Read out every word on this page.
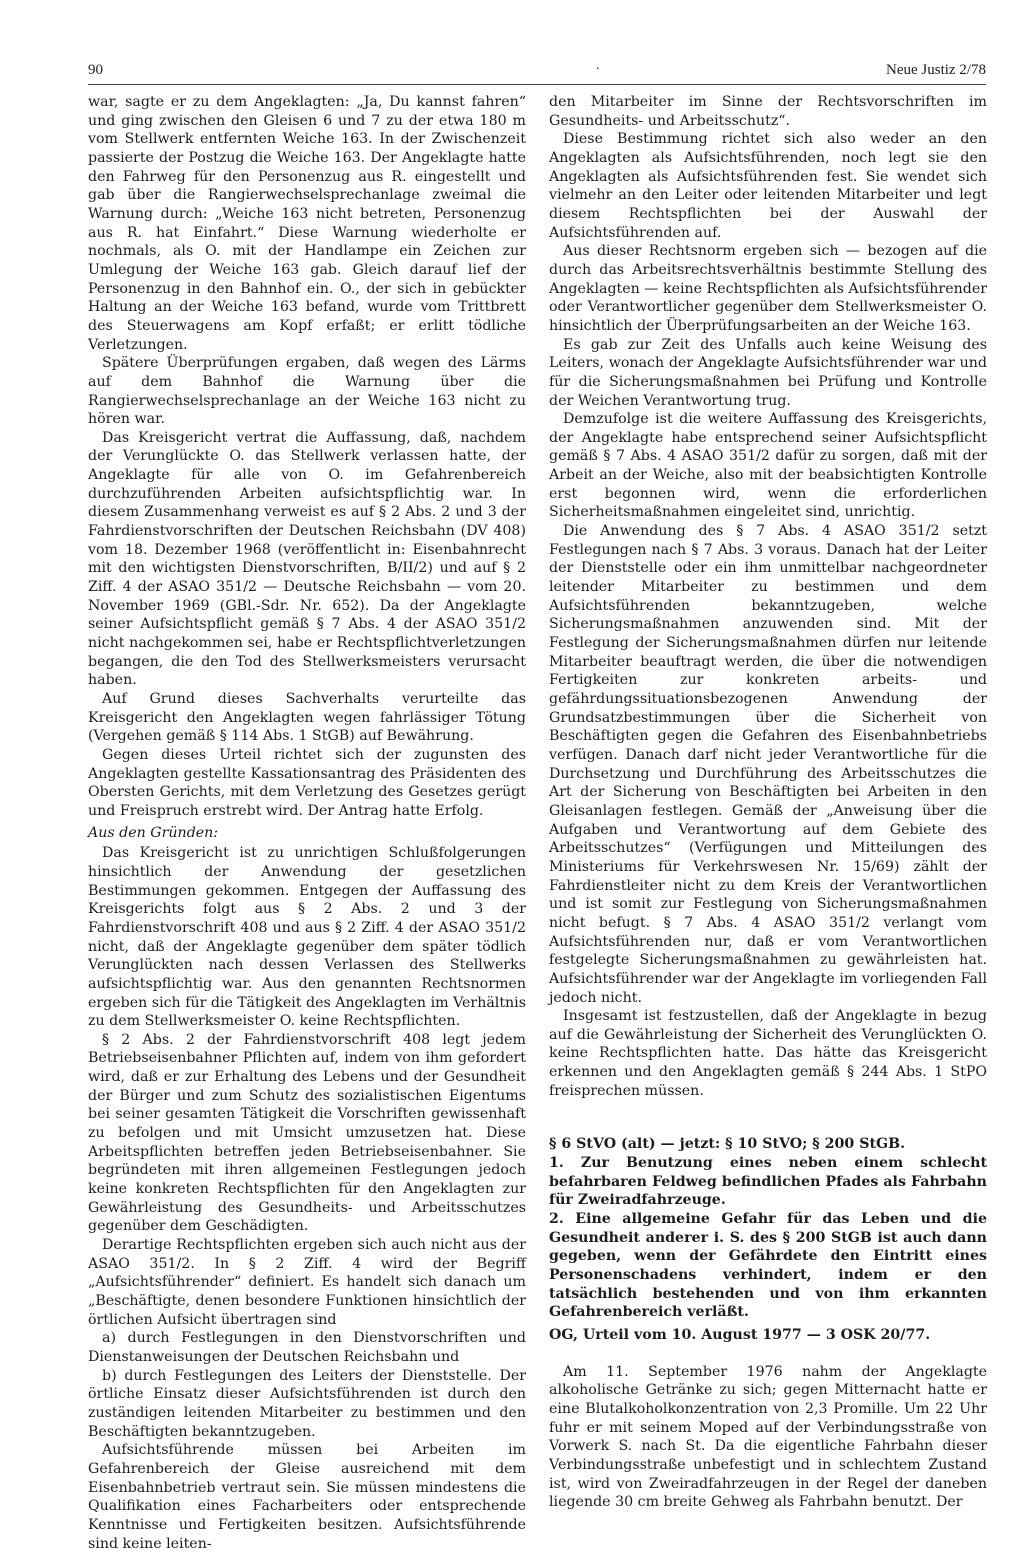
90	.	Neue Justiz 2/78

war, sagte er zu dem Angeklagten: „Ja, Du kannst fahren“ und ging zwischen den Gleisen 6 und 7 zu der etwa 180 m vom Stellwerk entfernten Weiche 163. In der Zwischenzeit passierte der Postzug die Weiche 163. Der Angeklagte hatte den Fahrweg für den Personenzug aus R. eingestellt und gab über die Rangierwechselsprechanlage zweimal die Warnung durch: „Weiche 163 nicht betreten, Personenzug aus R. hat Einfahrt.“ Diese Warnung wiederholte er nochmals, als O. mit der Handlampe ein Zeichen zur Umlegung der Weiche 163 gab. Gleich darauf lief der Personenzug in den Bahnhof ein. O., der sich in gebückter Haltung an der Weiche 163 befand, wurde vom Trittbrett des Steuerwagens am Kopf erfaßt; er erlitt tödliche Verletzungen.

Spätere Überprüfungen ergaben, daß wegen des Lärms auf dem Bahnhof die Warnung über die Rangierwechselsprechanlage an der Weiche 163 nicht zu hören war.

Das Kreisgericht vertrat die Auffassung, daß, nachdem der Verunglückte O. das Stellwerk verlassen hatte, der Angeklagte für alle von O. im Gefahrenbereich durchzuführenden Arbeiten aufsichtspflichtig war. In diesem Zusammenhang verweist es auf § 2 Abs. 2 und 3 der Fahrdienstvorschriften der Deutschen Reichsbahn (DV 408) vom 18. Dezember 1968 (veröffentlicht in: Eisenbahnrecht mit den wichtigsten Dienstvorschriften, B/II/2) und auf § 2 Ziff. 4 der ASAO 351/2 — Deutsche Reichsbahn — vom 20. November 1969 (GBl.-Sdr. Nr. 652). Da der Angeklagte seiner Aufsichtspflicht gemäß § 7 Abs. 4 der ASAO 351/2 nicht nachgekommen sei, habe er Rechtspflichtverletzungen begangen, die den Tod des Stellwerksmeisters verursacht haben.

Auf Grund dieses Sachverhalts verurteilte das Kreisgericht den Angeklagten wegen fahrlässiger Tötung (Vergehen gemäß § 114 Abs. 1 StGB) auf Bewährung.

Gegen dieses Urteil richtet sich der zugunsten des Angeklagten gestellte Kassationsantrag des Präsidenten des Obersten Gerichts, mit dem Verletzung des Gesetzes gerügt und Freispruch erstrebt wird. Der Antrag hatte Erfolg.

Aus den Gründen:

Das Kreisgericht ist zu unrichtigen Schlußfolgerungen hinsichtlich der Anwendung der gesetzlichen Bestimmungen gekommen. Entgegen der Auffassung des Kreisgerichts folgt aus § 2 Abs. 2 und 3 der Fahrdienstvorschrift 408 und aus § 2 Ziff. 4 der ASAO 351/2 nicht, daß der Angeklagte gegenüber dem später tödlich Verunglückten nach dessen Verlassen des Stellwerks aufsichtspflichtig war. Aus den genannten Rechtsnormen ergeben sich für die Tätigkeit des Angeklagten im Verhältnis zu dem Stellwerksmeister O. keine Rechtspflichten.

§ 2 Abs. 2 der Fahrdienstvorschrift 408 legt jedem Betriebseisenbahner Pflichten auf, indem von ihm gefordert wird, daß er zur Erhaltung des Lebens und der Gesundheit der Bürger und zum Schutz des sozialistischen Eigentums bei seiner gesamten Tätigkeit die Vorschriften gewissenhaft zu befolgen und mit Umsicht umzusetzen hat. Diese Arbeitspflichten betreffen jeden Betriebseisenbahner. Sie begründeten mit ihren allgemeinen Festlegungen jedoch keine konkreten Rechtspflichten für den Angeklagten zur Gewährleistung des Gesundheits- und Arbeitsschutzes gegenüber dem Geschädigten.

Derartige Rechtspflichten ergeben sich auch nicht aus der ASAO 351/2. In § 2 Ziff. 4 wird der Begriff „Aufsichtsführender“ definiert. Es handelt sich danach um „Beschäftigte, denen besondere Funktionen hinsichtlich der örtlichen Aufsicht übertragen sind

a) durch Festlegungen in den Dienstvorschriften und Dienstanweisungen der Deutschen Reichsbahn und

b) durch Festlegungen des Leiters der Dienststelle. Der örtliche Einsatz dieser Aufsichtsführenden ist durch den zuständigen leitenden Mitarbeiter zu bestimmen und den Beschäftigten bekanntzugeben.

Aufsichtsführende müssen bei Arbeiten im Gefahrenbereich der Gleise ausreichend mit dem Eisenbahnbetrieb vertraut sein. Sie müssen mindestens die Qualifikation eines Facharbeiters oder entsprechende Kenntnisse und Fertigkeiten besitzen. Aufsichtsführende sind keine leiten-

den Mitarbeiter im Sinne der Rechtsvorschriften im Gesundheits- und Arbeitsschutz“.

Diese Bestimmung richtet sich also weder an den Angeklagten als Aufsichtsführenden, noch legt sie den Angeklagten als Aufsichtsführenden fest. Sie wendet sich vielmehr an den Leiter oder leitenden Mitarbeiter und legt diesem Rechtspflichten bei der Auswahl der Aufsichtsführenden auf.

Aus dieser Rechtsnorm ergeben sich — bezogen auf die durch das Arbeitsrechtsverhältnis bestimmte Stellung des Angeklagten — keine Rechtspflichten als Aufsichtsführender oder Verantwortlicher gegenüber dem Stellwerksmeister O. hinsichtlich der Überprüfungsarbeiten an der Weiche 163.

Es gab zur Zeit des Unfalls auch keine Weisung des Leiters, wonach der Angeklagte Aufsichtsführender war und für die Sicherungsmaßnahmen bei Prüfung und Kontrolle der Weichen Verantwortung trug.

Demzufolge ist die weitere Auffassung des Kreisgerichts, der Angeklagte habe entsprechend seiner Aufsichtspflicht gemäß § 7 Abs. 4 ASAO 351/2 dafür zu sorgen, daß mit der Arbeit an der Weiche, also mit der beabsichtigten Kontrolle erst begonnen wird, wenn die erforderlichen Sicherheitsmaßnahmen eingeleitet sind, unrichtig.

Die Anwendung des § 7 Abs. 4 ASAO 351/2 setzt Festlegungen nach § 7 Abs. 3 voraus. Danach hat der Leiter der Dienststelle oder ein ihm unmittelbar nachgeordneter leitender Mitarbeiter zu bestimmen und dem Aufsichtsführenden bekanntzugeben, welche Sicherungsmaßnahmen anzuwenden sind. Mit der Festlegung der Sicherungsmaßnahmen dürfen nur leitende Mitarbeiter beauftragt werden, die über die notwendigen Fertigkeiten zur konkreten arbeits- und gefährdungssituationsbezogenen Anwendung der Grundsatzbestimmungen über die Sicherheit von Beschäftigten gegen die Gefahren des Eisenbahnbetriebs verfügen. Danach darf nicht jeder Verantwortliche für die Durchsetzung und Durchführung des Arbeitsschutzes die Art der Sicherung von Beschäftigten bei Arbeiten in den Gleisanlagen festlegen. Gemäß der „Anweisung über die Aufgaben und Verantwortung auf dem Gebiete des Arbeitsschutzes“ (Verfügungen und Mitteilungen des Ministeriums für Verkehrswesen Nr. 15/69) zählt der Fahrdienstleiter nicht zu dem Kreis der Verantwortlichen und ist somit zur Festlegung von Sicherungsmaßnahmen nicht befugt. § 7 Abs. 4 ASAO 351/2 verlangt vom Aufsichtsführenden nur, daß er vom Verantwortlichen festgelegte Sicherungsmaßnahmen zu gewährleisten hat. Aufsichtsführender war der Angeklagte im vorliegenden Fall jedoch nicht.

Insgesamt ist festzustellen, daß der Angeklagte in bezug auf die Gewährleistung der Sicherheit des Verunglückten O. keine Rechtspflichten hatte. Das hätte das Kreisgericht erkennen und den Angeklagten gemäß § 244 Abs. 1 StPO freisprechen müssen.

§ 6 StVO (alt) — jetzt: § 10 StVO; § 200 StGB.

1. Zur Benutzung eines neben einem schlecht befahrbaren Feldweg befindlichen Pfades als Fahrbahn für Zweiradfahrzeuge.

2. Eine allgemeine Gefahr für das Leben und die Gesundheit anderer i. S. des § 200 StGB ist auch dann gegeben, wenn der Gefährdete den Eintritt eines Personenschadens verhindert, indem er den tatsächlich bestehenden und von ihm erkannten Gefahrenbereich verläßt.

OG, Urteil vom 10. August 1977 — 3 OSK 20/77.

Am 11. September 1976 nahm der Angeklagte alkoholische Getränke zu sich; gegen Mitternacht hatte er eine Blutalkoholkonzentration von 2,3 Promille. Um 22 Uhr fuhr er mit seinem Moped auf der Verbindungsstraße von Vorwerk S. nach St. Da die eigentliche Fahrbahn dieser Verbindungsstraße unbefestigt und in schlechtem Zustand ist, wird von Zweiradfahrzeugen in der Regel der daneben liegende 30 cm breite Gehweg als Fahrbahn benutzt. Der
